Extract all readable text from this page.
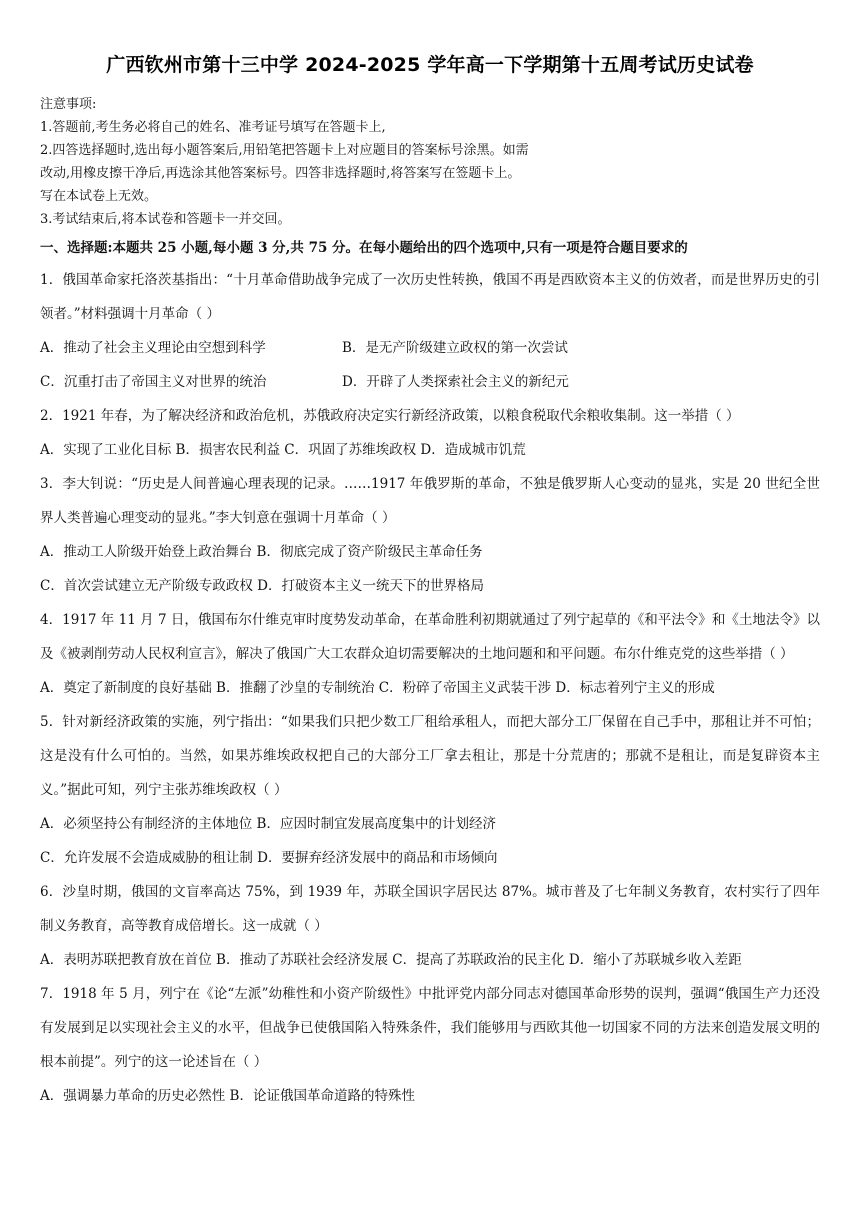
广西钦州市第十三中学 2024-2025 学年高一下学期第十五周考试历史试卷
注意事项:
1.答题前,考生务必将自己的姓名、准考证号填写在答题卡上,
2.四答选择题时,选出每小题答案后,用铅笔把答题卡上对应题目的答案标号涂黑。如需
改动,用橡皮擦干净后,再选涂其他答案标号。四答非选择题时,将答案写在签题卡上。
写在本试卷上无效。
3.考试结束后,将本试卷和答题卡一并交回。
一、选择题:本题共 25 小题,每小题 3 分,共 75 分。在每小题给出的四个选项中,只有一项是符合题目要求的
1．俄国革命家托洛茨基指出：“十月革命借助战争完成了一次历史性转换，俄国不再是西欧资本主义的仿效者，而是世界历史的引领者。”材料强调十月革命（ ）
A．推动了社会主义理论由空想到科学	B．是无产阶级建立政权的第一次尝试
C．沉重打击了帝国主义对世界的统治	D．开辟了人类探索社会主义的新纪元
2．1921 年春，为了解决经济和政治危机，苏俄政府决定实行新经济政策，以粮食税取代余粮收集制。这一举措（ ）
A．实现了工业化目标 B．损害农民利益 C．巩固了苏维埃政权 D．造成城市饥荒
3．李大钊说：“历史是人间普遍心理表现的记录。……1917 年俄罗斯的革命，不独是俄罗斯人心变动的显兆，实是 20 世纪全世界人类普遍心理变动的显兆。”李大钊意在强调十月革命（ ）
A．推动工人阶级开始登上政治舞台 B．彻底完成了资产阶级民主革命任务
C．首次尝试建立无产阶级专政政权 D．打破资本主义一统天下的世界格局
4．1917 年 11 月 7 日，俄国布尔什维克审时度势发动革命，在革命胜利初期就通过了列宁起草的《和平法令》和《土地法令》以及《被剥削劳动人民权利宣言》，解决了俄国广大工农群众迫切需要解决的土地问题和和平问题。布尔什维克党的这些举措（ ）
A．奠定了新制度的良好基础 B．推翻了沙皇的专制统治 C．粉碎了帝国主义武装干涉 D．标志着列宁主义的形成
5．针对新经济政策的实施，列宁指出：“如果我们只把少数工厂租给承租人，而把大部分工厂保留在自己手中，那租让并不可怕；这是没有什么可怕的。当然，如果苏维埃政权把自己的大部分工厂拿去租让，那是十分荒唐的；那就不是租让，而是复辟资本主义。”据此可知，列宁主张苏维埃政权（ ）
A．必须坚持公有制经济的主体地位 B．应因时制宜发展高度集中的计划经济
C．允许发展不会造成威胁的租让制 D．要摒弃经济发展中的商品和市场倾向
6．沙皇时期，俄国的文盲率高达 75%，到 1939 年，苏联全国识字居民达 87%。城市普及了七年制义务教育，农村实行了四年制义务教育，高等教育成倍增长。这一成就（ ）
A．表明苏联把教育放在首位 B．推动了苏联社会经济发展 C．提高了苏联政治的民主化 D．缩小了苏联城乡收入差距
7．1918 年 5 月，列宁在《论“左派”幼稚性和小资产阶级性》中批评党内部分同志对德国革命形势的误判，强调“俄国生产力还没有发展到足以实现社会主义的水平，但战争已使俄国陷入特殊条件，我们能够用与西欧其他一切国家不同的方法来创造发展文明的根本前提”。列宁的这一论述旨在（ ）
A．强调暴力革命的历史必然性 B．论证俄国革命道路的特殊性
